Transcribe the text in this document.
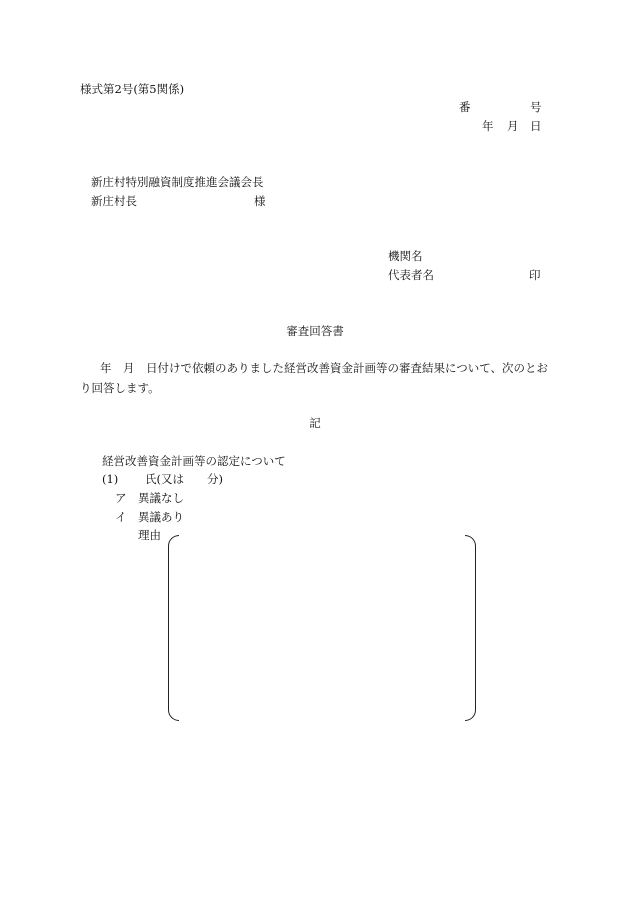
様式第2号(第5関係)
番	号
年 月 日
新庄村特別融資制度推進会議会長
新庄村長	様
機関名
代表者名	印
審査回答書
年　月　日付けで依頼のありました経営改善資金計画等の審査結果について、次のとおり回答します。
記
経営改善資金計画等の認定について
(1) 氏(又は　　分)
ア　異議なし
イ　異議あり
理由
